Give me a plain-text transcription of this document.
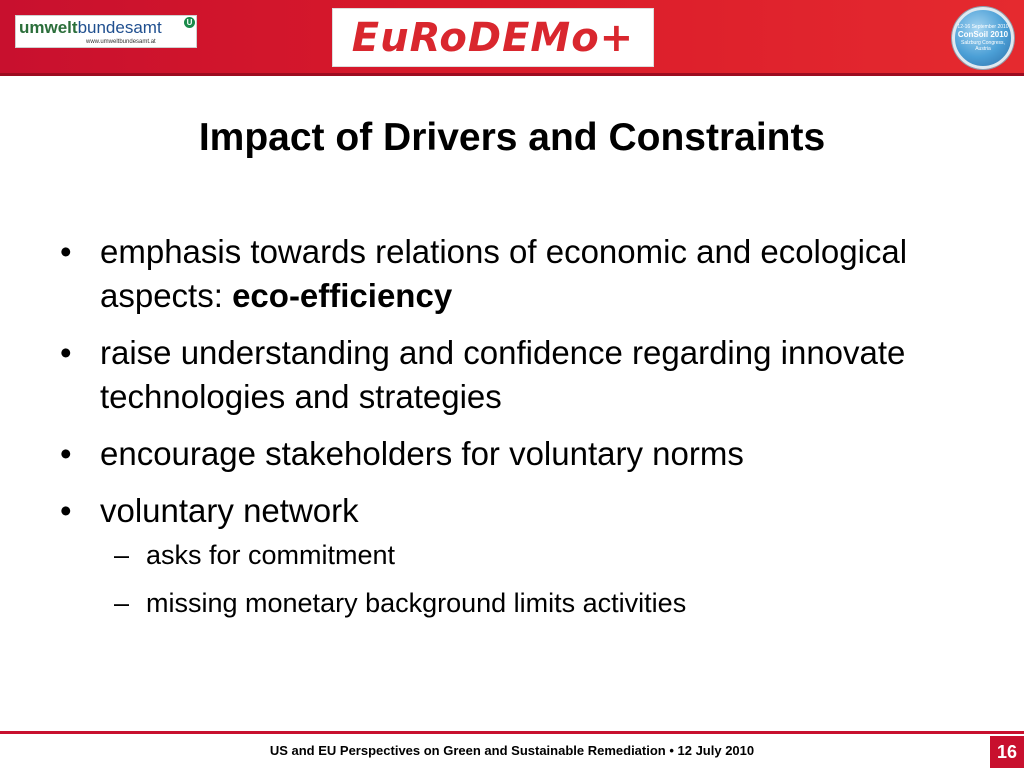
umweltbundesamt	U
www.umweltbundesamt.at	EuRoDEMo+	12-16 September 2010
ConSoil 2010
Salzburg Congress, Austria
Impact of Drivers and Constraints
• emphasis towards relations of economic and ecological aspects: eco-efficiency
• raise understanding and confidence regarding innovate technologies and strategies
• encourage stakeholders for voluntary norms
• voluntary network
– asks for commitment
– missing monetary background limits activities
US and EU Perspectives on Green and Sustainable Remediation • 12 July 2010	16
